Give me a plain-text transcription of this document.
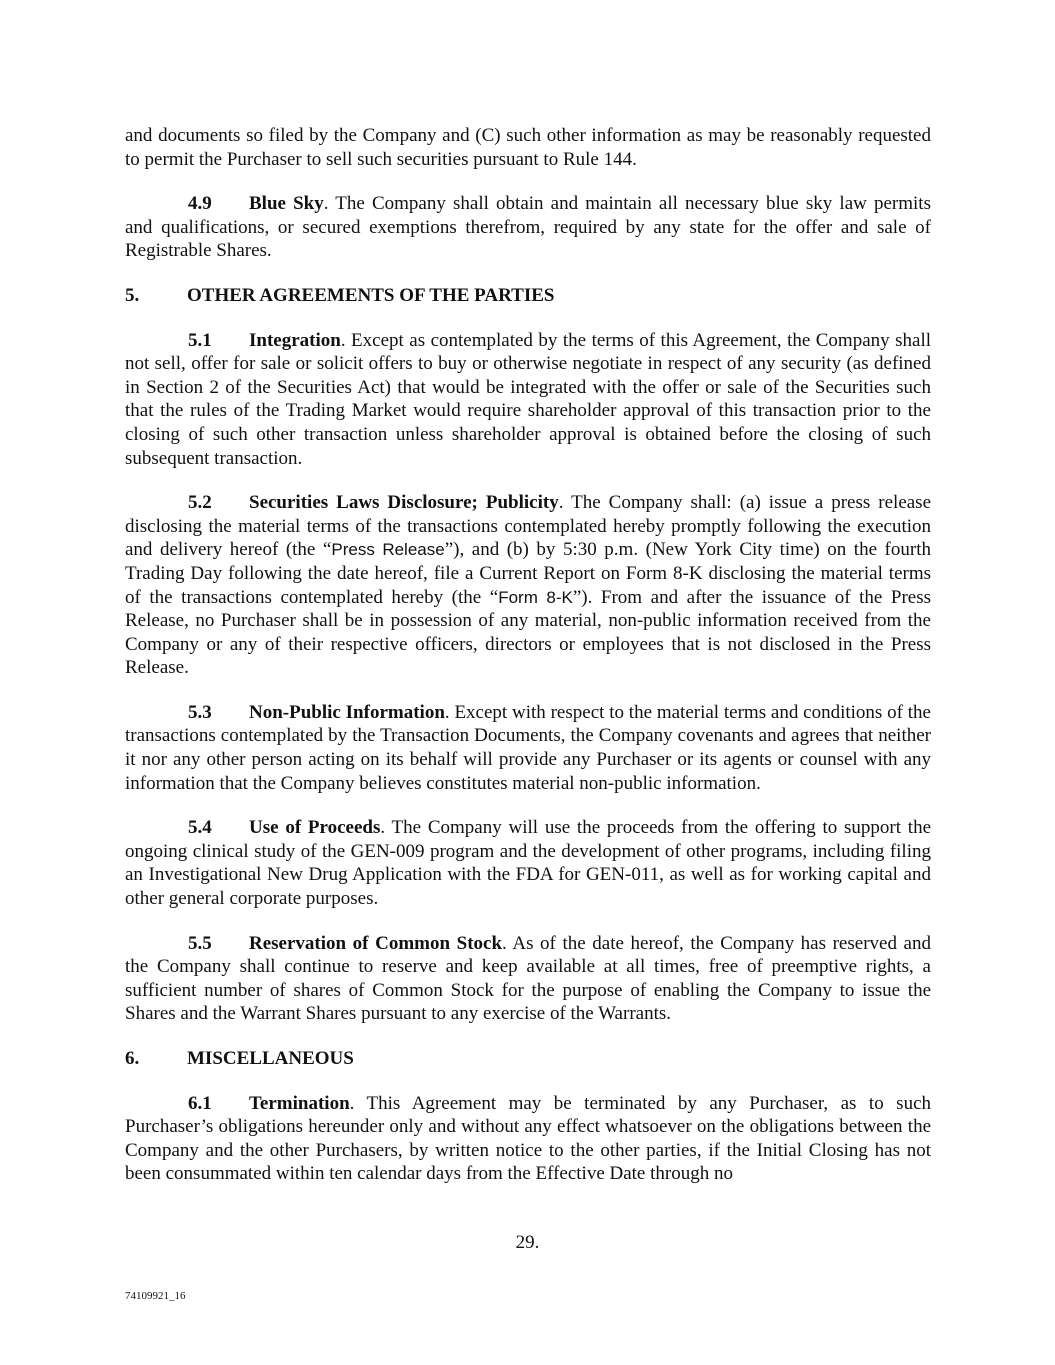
and documents so filed by the Company and (C) such other information as may be reasonably requested to permit the Purchaser to sell such securities pursuant to Rule 144.

4.9 Blue Sky. The Company shall obtain and maintain all necessary blue sky law permits and qualifications, or secured exemptions therefrom, required by any state for the offer and sale of Registrable Shares.

5.	OTHER AGREEMENTS OF THE PARTIES

5.1 Integration. Except as contemplated by the terms of this Agreement, the Company shall not sell, offer for sale or solicit offers to buy or otherwise negotiate in respect of any security (as defined in Section 2 of the Securities Act) that would be integrated with the offer or sale of the Securities such that the rules of the Trading Market would require shareholder approval of this transaction prior to the closing of such other transaction unless shareholder approval is obtained before the closing of such subsequent transaction.

5.2 Securities Laws Disclosure; Publicity. The Company shall: (a) issue a press release disclosing the material terms of the transactions contemplated hereby promptly following the execution and delivery hereof (the “Press Release”), and (b) by 5:30 p.m. (New York City time) on the fourth Trading Day following the date hereof, file a Current Report on Form 8-K disclosing the material terms of the transactions contemplated hereby (the “Form 8-K”). From and after the issuance of the Press Release, no Purchaser shall be in possession of any material, non-public information received from the Company or any of their respective officers, directors or employees that is not disclosed in the Press Release.

5.3 Non-Public Information. Except with respect to the material terms and conditions of the transactions contemplated by the Transaction Documents, the Company covenants and agrees that neither it nor any other person acting on its behalf will provide any Purchaser or its agents or counsel with any information that the Company believes constitutes material non-public information.

5.4 Use of Proceeds. The Company will use the proceeds from the offering to support the ongoing clinical study of the GEN-009 program and the development of other programs, including filing an Investigational New Drug Application with the FDA for GEN-011, as well as for working capital and other general corporate purposes.

5.5 Reservation of Common Stock. As of the date hereof, the Company has reserved and the Company shall continue to reserve and keep available at all times, free of preemptive rights, a sufficient number of shares of Common Stock for the purpose of enabling the Company to issue the Shares and the Warrant Shares pursuant to any exercise of the Warrants.

6.	MISCELLANEOUS

6.1 Termination. This Agreement may be terminated by any Purchaser, as to such Purchaser’s obligations hereunder only and without any effect whatsoever on the obligations between the Company and the other Purchasers, by written notice to the other parties, if the Initial Closing has not been consummated within ten calendar days from the Effective Date through no

29.
74109921_16
